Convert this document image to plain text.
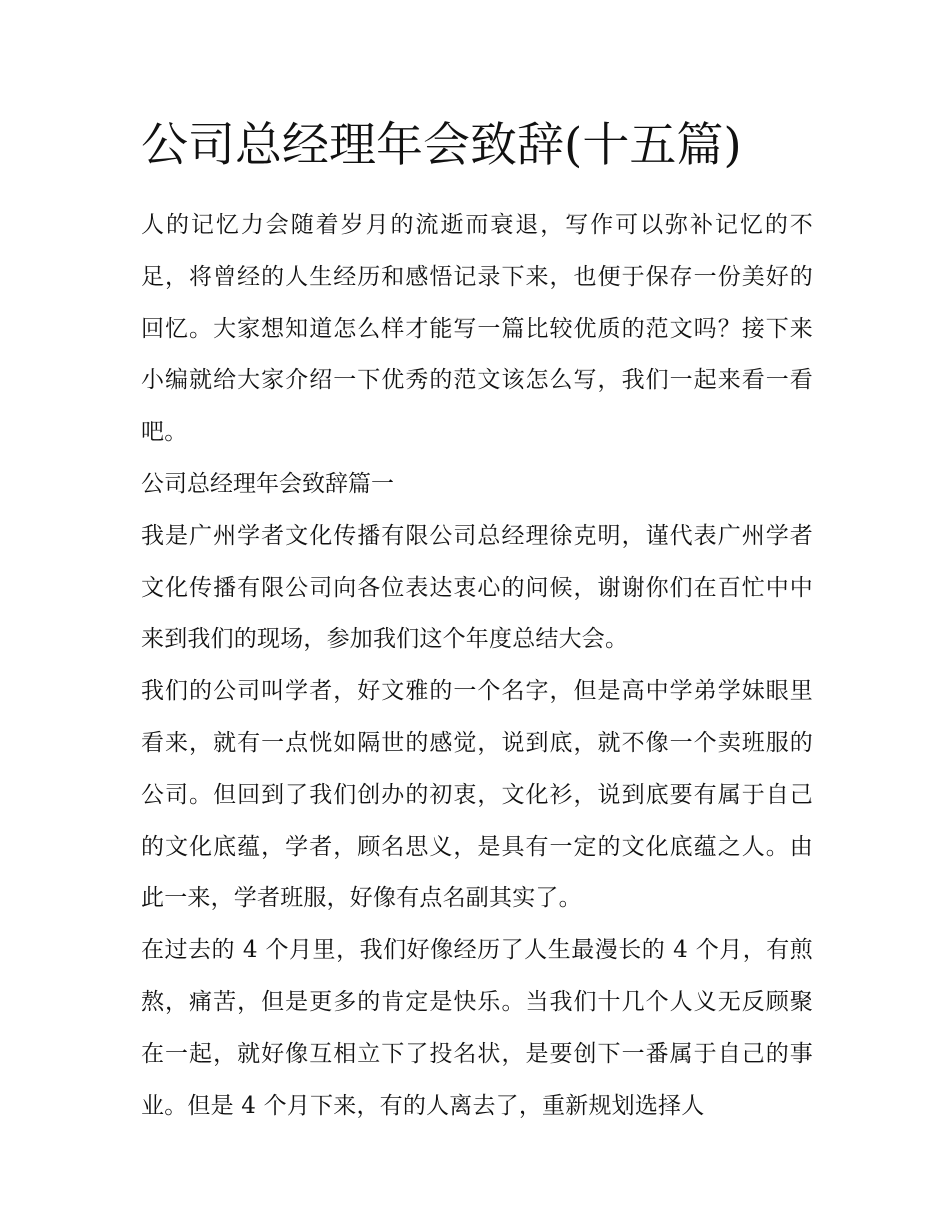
公司总经理年会致辞(十五篇)

人的记忆力会随着岁月的流逝而衰退，写作可以弥补记忆的不足，将曾经的人生经历和感悟记录下来，也便于保存一份美好的回忆。大家想知道怎么样才能写一篇比较优质的范文吗？接下来小编就给大家介绍一下优秀的范文该怎么写，我们一起来看一看吧。

公司总经理年会致辞篇一

我是广州学者文化传播有限公司总经理徐克明，谨代表广州学者文化传播有限公司向各位表达衷心的问候，谢谢你们在百忙中中来到我们的现场，参加我们这个年度总结大会。

我们的公司叫学者，好文雅的一个名字，但是高中学弟学妹眼里看来，就有一点恍如隔世的感觉，说到底，就不像一个卖班服的公司。但回到了我们创办的初衷，文化衫，说到底要有属于自己的文化底蕴，学者，顾名思义，是具有一定的文化底蕴之人。由此一来，学者班服，好像有点名副其实了。

在过去的 4 个月里，我们好像经历了人生最漫长的 4 个月，有煎熬，痛苦，但是更多的肯定是快乐。当我们十几个人义无反顾聚在一起，就好像互相立下了投名状，是要创下一番属于自己的事业。但是 4 个月下来，有的人离去了，重新规划选择人
